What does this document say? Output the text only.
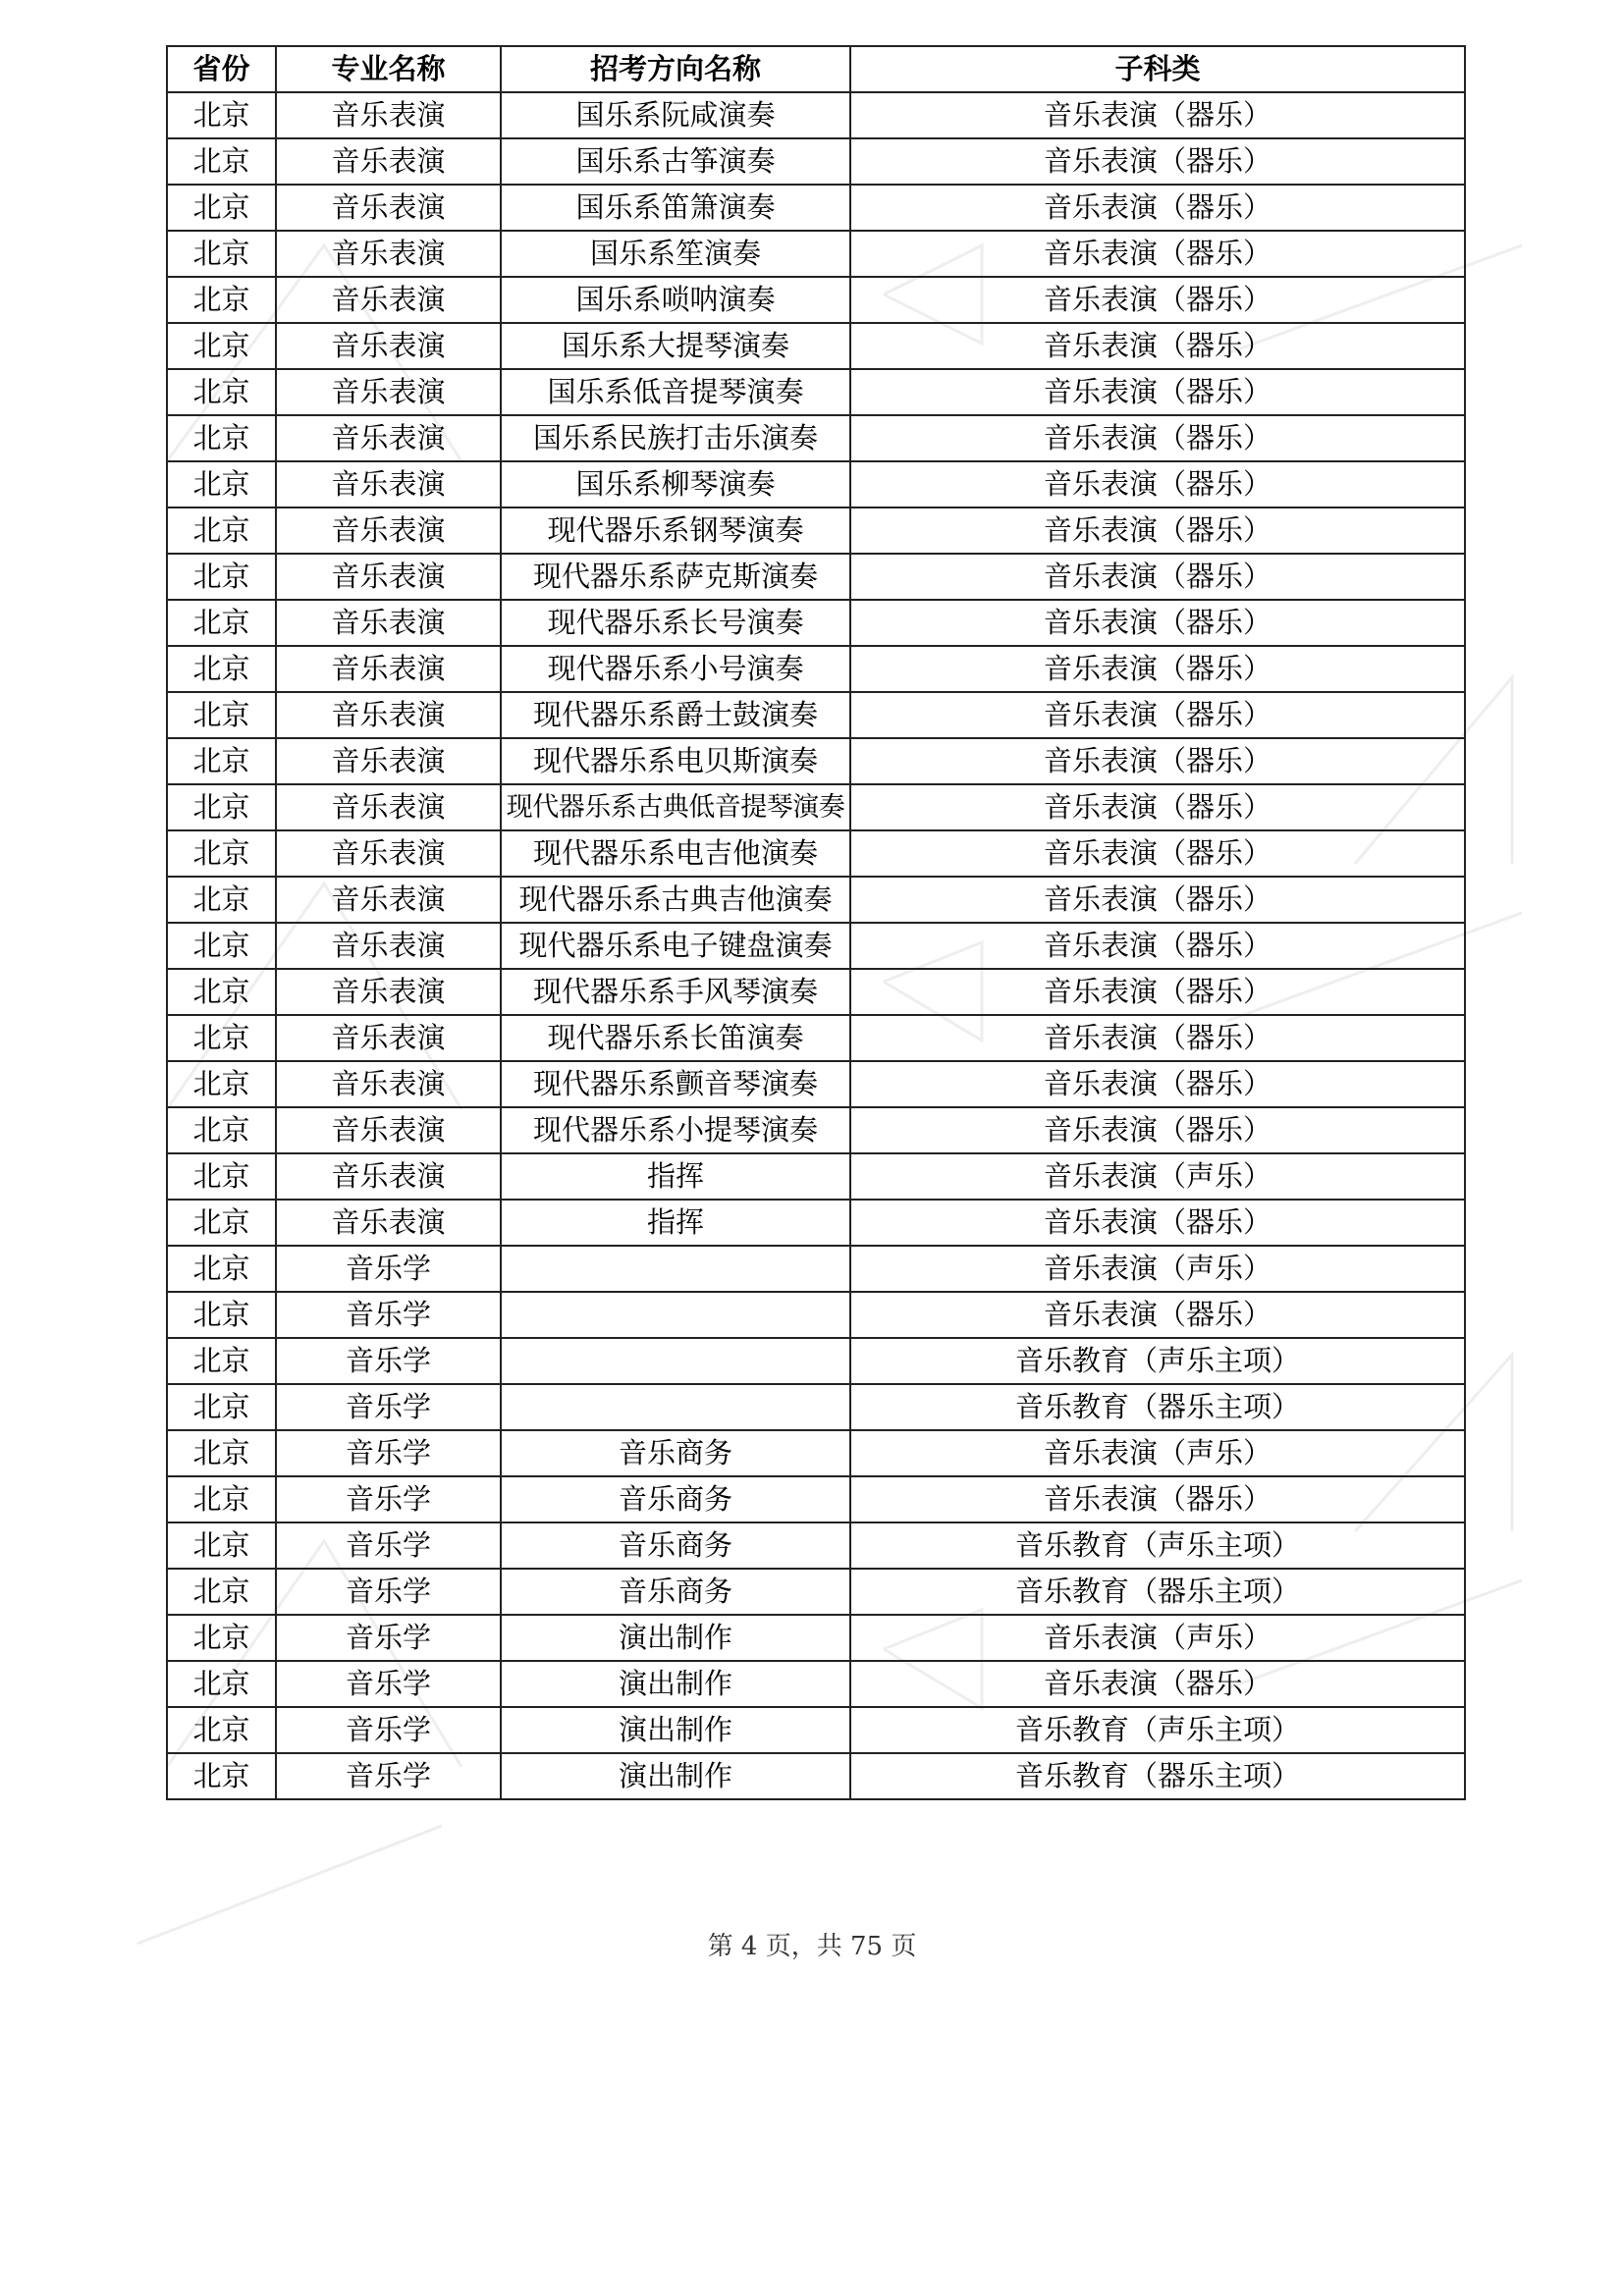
省份	专业名称	招考方向名称	子科类
北京	音乐表演	国乐系阮咸演奏	音乐表演（器乐）
北京	音乐表演	国乐系古筝演奏	音乐表演（器乐）
北京	音乐表演	国乐系笛箫演奏	音乐表演（器乐）
北京	音乐表演	国乐系笙演奏	音乐表演（器乐）
北京	音乐表演	国乐系唢呐演奏	音乐表演（器乐）
北京	音乐表演	国乐系大提琴演奏	音乐表演（器乐）
北京	音乐表演	国乐系低音提琴演奏	音乐表演（器乐）
北京	音乐表演	国乐系民族打击乐演奏	音乐表演（器乐）
北京	音乐表演	国乐系柳琴演奏	音乐表演（器乐）
北京	音乐表演	现代器乐系钢琴演奏	音乐表演（器乐）
北京	音乐表演	现代器乐系萨克斯演奏	音乐表演（器乐）
北京	音乐表演	现代器乐系长号演奏	音乐表演（器乐）
北京	音乐表演	现代器乐系小号演奏	音乐表演（器乐）
北京	音乐表演	现代器乐系爵士鼓演奏	音乐表演（器乐）
北京	音乐表演	现代器乐系电贝斯演奏	音乐表演（器乐）
北京	音乐表演	现代器乐系古典低音提琴演奏	音乐表演（器乐）
北京	音乐表演	现代器乐系电吉他演奏	音乐表演（器乐）
北京	音乐表演	现代器乐系古典吉他演奏	音乐表演（器乐）
北京	音乐表演	现代器乐系电子键盘演奏	音乐表演（器乐）
北京	音乐表演	现代器乐系手风琴演奏	音乐表演（器乐）
北京	音乐表演	现代器乐系长笛演奏	音乐表演（器乐）
北京	音乐表演	现代器乐系颤音琴演奏	音乐表演（器乐）
北京	音乐表演	现代器乐系小提琴演奏	音乐表演（器乐）
北京	音乐表演	指挥	音乐表演（声乐）
北京	音乐表演	指挥	音乐表演（器乐）
北京	音乐学		音乐表演（声乐）
北京	音乐学		音乐表演（器乐）
北京	音乐学		音乐教育（声乐主项）
北京	音乐学		音乐教育（器乐主项）
北京	音乐学	音乐商务	音乐表演（声乐）
北京	音乐学	音乐商务	音乐表演（器乐）
北京	音乐学	音乐商务	音乐教育（声乐主项）
北京	音乐学	音乐商务	音乐教育（器乐主项）
北京	音乐学	演出制作	音乐表演（声乐）
北京	音乐学	演出制作	音乐表演（器乐）
北京	音乐学	演出制作	音乐教育（声乐主项）
北京	音乐学	演出制作	音乐教育（器乐主项）
第 4 页，共 75 页
